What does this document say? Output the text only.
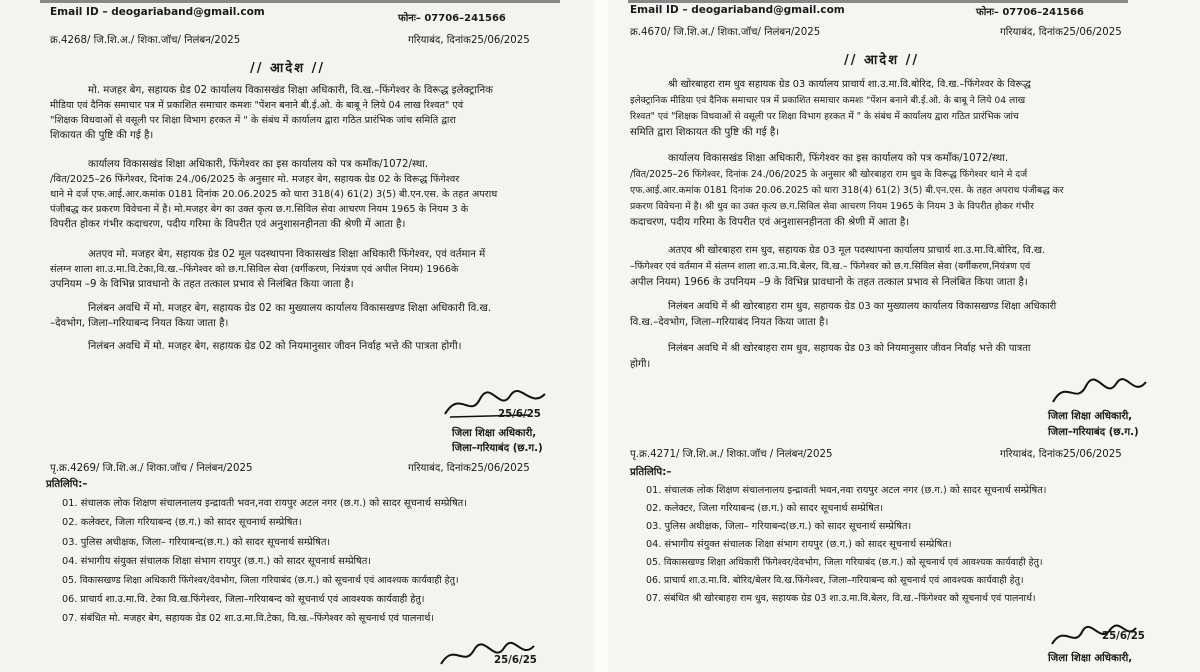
Email ID – deogariaband@gmail.com
फोनः– 07706–241566
क्र.4268/ जि.शि.अ./ शिका.जॉच/ निलंबन/2025	गरियाबंद, दिनांक25/06/2025
// आदेश //
मो. मजहर बेग, सहायक ग्रेड 02 कार्यालय विकासखंड शिक्षा अधिकारी, वि.ख.–फिंगेश्वर के विरूद्ध इलेक्ट्रानिक
मीडिया एवं दैनिक समाचार पत्र में प्रकाशित समाचार कमशः "पेंशन बनाने बी.ई.ओ. के बाबू ने लिये 04 लाख रिश्वत" एवं
"शिक्षक विधवाओं से वसूली पर शिक्षा विभाग हरकत में " के संबंध में कार्यालय द्वारा गठित प्रारंभिक जांच समिति द्वारा
शिकायत की पुष्टि की गई है।
कार्यालय विकासखंड शिक्षा अधिकारी, फिंगेश्वर का इस कार्यालय को पत्र कमाँक/1072/स्था.
/वित/2025–26 फिंगेश्वर, दिनांक 24./06/2025 के अनुसार मो. मजहर बेग, सहायक ग्रेड 02 के विरूद्ध फिंगेश्वर
थाने मे दर्ज एफ.आई.आर.कमांक 0181 दिनांक 20.06.2025 को धारा 318(4) 61(2) 3(5) बी.एन.एस. के तहत अपराध
पंजीबद्ध कर प्रकरण विवेचना में है। मो.मजहर बेग का उक्त कृत्य छ.ग.सिविल सेवा आचरण नियम 1965 के नियम 3 के
विपरीत होकर गंभीर कदाचरण, पदीय गरिमा के विपरीत एवं अनुशासनहीनता की श्रेणी में आता है।
अतएव मो. मजहर बेग, सहायक ग्रेड 02 मूल पदस्थापना विकासखंड शिक्षा अधिकारी फिंगेश्वर, एवं वर्तमान में
संलग्न शाला शा.उ.मा.वि.टेका,वि.ख.–फिंगेश्वर को छ.ग.सिविल सेवा (वर्गीकरण, नियंत्रण एवं अपील नियम) 1966के
उपनियम –9 के विभिन्न प्रावधानो के तहत तत्काल प्रभाव से निलंबित किया जाता है।
निलंबन अवधि में मो. मजहर बेग, सहायक ग्रेड 02 का मुख्यालय कार्यालय विकासखण्ड शिक्षा अधिकारी वि.ख.
–देवभोग, जिला–गरियाबन्द नियत किया जाता है।
निलंबन अवधि में मो. मजहर बेग, सहायक ग्रेड 02 को नियमानुसार जीवन निर्वाह भत्ते की पात्रता होगी।
25/6/25
जिला शिक्षा अधिकारी,
जिला–गरियाबंद (छ.ग.)
पृ.क्र.4269/ जि.शि.अ./ शिका.जॉच / निलंबन/2025	गरियाबंद, दिनांक25/06/2025
प्रतिलिपि:–
01. संचालक लोक शिक्षण संचालनालय इन्द्रावती भवन,नवा रायपुर अटल नगर (छ.ग.) को सादर सूचनार्थ सम्प्रेषित।
02. कलेक्टर, जिला गरियाबन्द (छ.ग.) को सादर सूचनार्थ सम्प्रेषित।
03. पुलिस अधीक्षक, जिला– गरियाबन्द(छ.ग.) को सादर सूचनार्थ सम्प्रेषित।
04. संभागीय संयुक्त संचालक शिक्षा संभाग रायपुर (छ.ग.) को सादर सूचनार्थ सम्प्रेषित।
05. विकासखण्ड शिक्षा अधिकारी फिंगेश्वर/देवभोग, जिला गरियाबंद (छ.ग.) को सूचनार्थ एवं आवश्यक कार्यवाही हेतु।
06. प्राचार्य शा.उ.मा.वि. टेका वि.ख.फिंगेश्वर, जिला–गरियाबन्द को सूचनार्थ एवं आवश्यक कार्यवाही हेतु।
07. संबंधित मो. मजहर बेग, सहायक ग्रेड 02 शा.उ.मा.वि.टेका, वि.ख.–फिंगेश्वर को सूचनार्थ एवं पालनार्थ।
25/6/25
Email ID – deogariaband@gmail.com	फोनः– 07706–241566
क्र.4670/ जि.शि.अ./ शिका.जॉच/ निलंबन/2025	गरियाबंद, दिनांक25/06/2025
// आदेश //
श्री खोरबाहरा राम धुव सहायक ग्रेड 03 कार्यालय प्राचार्य शा.उ.मा.वि.बोरिद, वि.ख.–फिंगेश्वर के विरूद्ध
इलेक्ट्रानिक मीडिया एवं दैनिक समाचार पत्र में प्रकाशित समाचार कमशः "पेंशन बनाने बी.ई.ओ. के बाबू ने लिये 04 लाख
रिश्वत" एवं "शिक्षक विधवाओं से वसूली पर शिक्षा विभाग हरकत में " के संबंध में कार्यालय द्वारा गठित प्रारंभिक जांच
समिति द्वारा शिकायत की पुष्टि की गई है।
कार्यालय विकासखंड शिक्षा अधिकारी, फिंगेश्वर का इस कार्यालय को पत्र कमाँक/1072/स्था.
/वित/2025–26 फिंगेश्वर, दिनांक 24./06/2025 के अनुसार श्री खोरबाहरा राम धुव के विरूद्ध फिंगेश्वर थाने मे दर्ज
एफ.आई.आर.कमांक 0181 दिनांक 20.06.2025 को धारा 318(4) 61(2) 3(5) बी.एन.एस. के तहत अपराध पंजीबद्ध कर
प्रकरण विवेचना में है। श्री धुव का उक्त कृत्य छ.ग.सिविल सेवा आचरण नियम 1965 के नियम 3 के विपरीत होकर गंभीर
कदाचरण, पदीय गरिमा के विपरीत एवं अनुशासनहीनता की श्रेणी में आता है।
अतएव श्री खोरबाहरा राम धुव, सहायक ग्रेड 03 मूल पदस्थापना कार्यालय प्राचार्य शा.उ.मा.वि.बोरिद, वि.ख.
–फिंगेश्वर एवं वर्तमान में संलग्न शाला शा.उ.मा.वि.बेलर, वि.ख.– फिंगेश्वर को छ.ग.सिविल सेवा (वर्गीकरण,नियंत्रण एवं
अपील नियम) 1966 के उपनियम –9 के विभिन्न प्रावधानो के तहत तत्काल प्रभाव से निलंबित किया जाता है।
निलंबन अवधि में श्री खोरबाहरा राम धुव, सहायक ग्रेड 03 का मुख्यालय कार्यालय विकासखण्ड शिक्षा अधिकारी
वि.ख.–देवभोग, जिला–गरियाबंद नियत किया जाता है।
निलंबन अवधि में श्री खोरबाहरा राम धुव, सहायक ग्रेड 03 को नियमानुसार जीवन निर्वाह भत्ते की पात्रता
होगी।
जिला शिक्षा अधिकारी,
जिला–गरियाबंद (छ.ग.)
पृ.क्र.4271/ जि.शि.अ./ शिका.जॉच / निलंबन/2025	गरियाबंद, दिनांक25/06/2025
प्रतिलिपि:–
01. संचालक लोक शिक्षण संचालनालय इन्द्रावती भवन,नवा रायपुर अटल नगर (छ.ग.) को सादर सूचनार्थ सम्प्रेषित।
02. कलेक्टर, जिला गरियाबन्द (छ.ग.) को सादर सूचनार्थ सम्प्रेषित।
03. पुलिस अधीक्षक, जिला– गरियाबन्द(छ.ग.) को सादर सूचनार्थ सम्प्रेषित।
04. संभागीय संयुक्त संचालक शिक्षा संभाग रायपुर (छ.ग.) को सादर सूचनार्थ सम्प्रेषित।
05. विकासखण्ड शिक्षा अधिकारी फिंगेश्वर/देवभोग, जिला गरियाबंद (छ.ग.) को सूचनार्थ एवं आवश्यक कार्यवाही हेतु।
06. प्राचार्य शा.उ.मा.वि. बोरिद/बेलर वि.ख.फिंगेश्वर, जिला–गरियाबन्द को सूचनार्थ एवं आवश्यक कार्यवाही हेतु।
07. संबंधित श्री खोरबाहरा राम धुव, सहायक ग्रेड 03 शा.उ.मा.वि.बेलर, वि.ख.–फिंगेश्वर को सूचनार्थ एवं पालनार्थ।
25/6/25
जिला शिक्षा अधिकारी,
